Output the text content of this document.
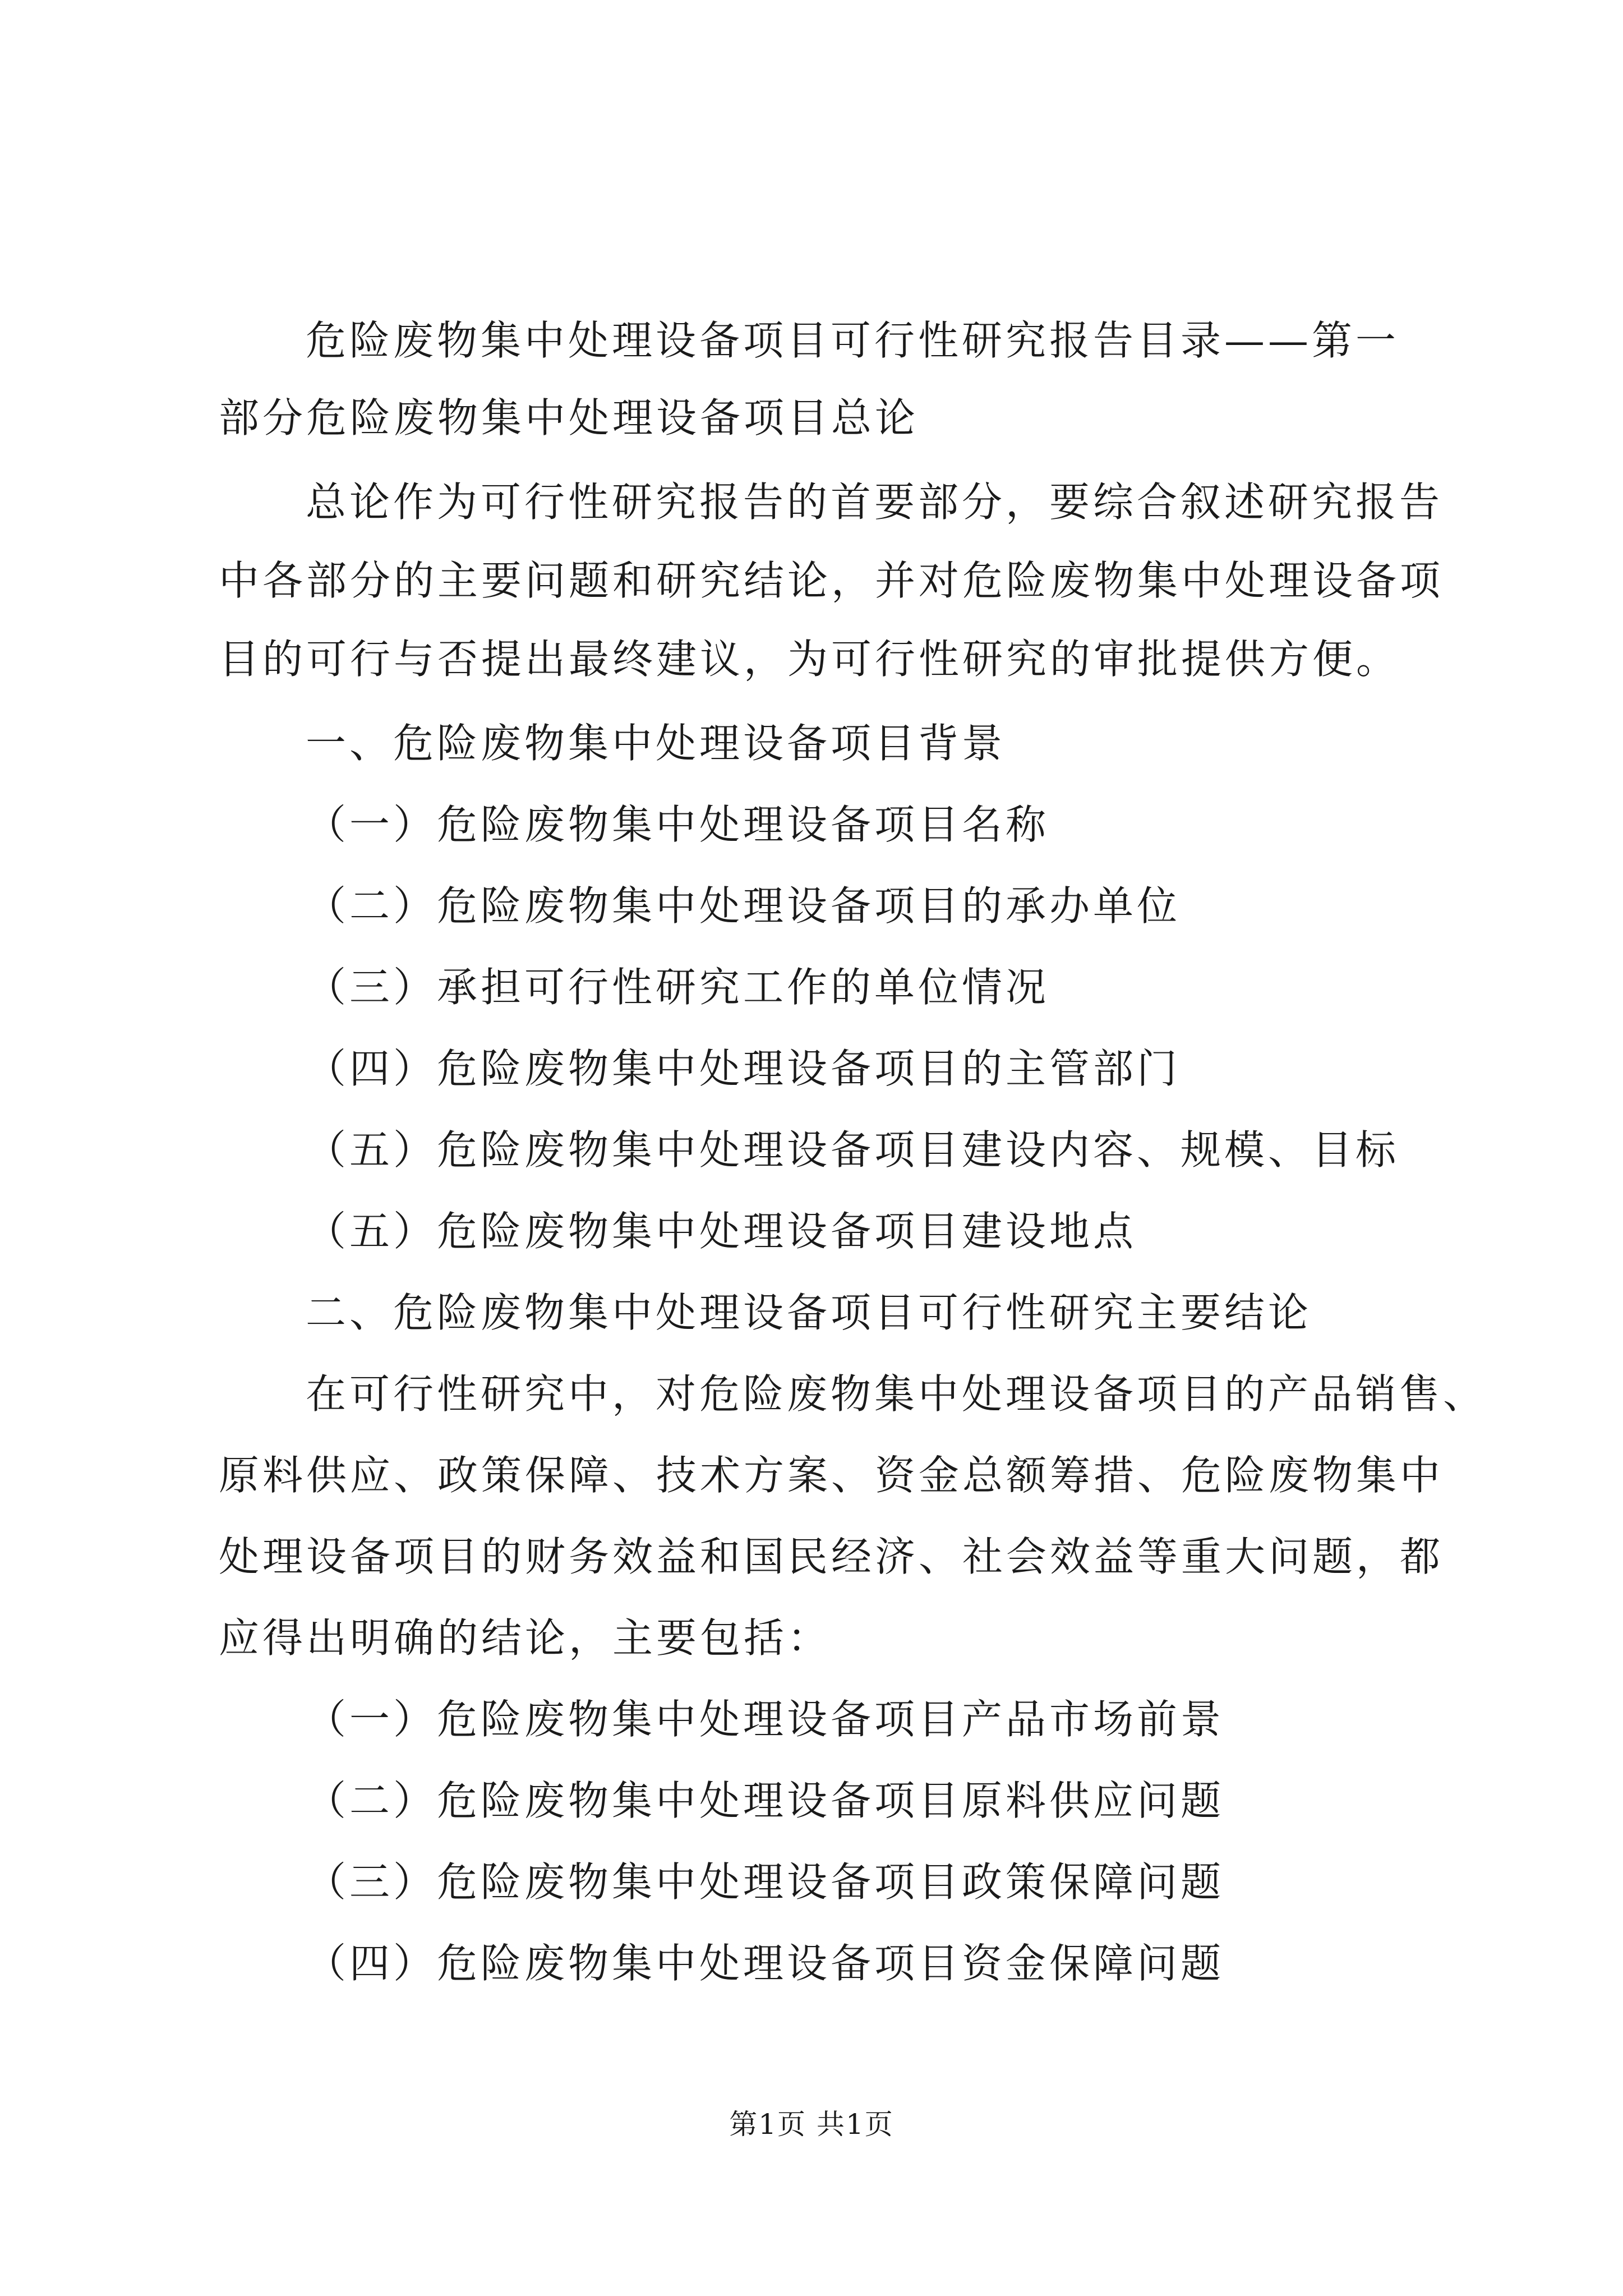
危险废物集中处理设备项目可行性研究报告目录——第一
部分危险废物集中处理设备项目总论
总论作为可行性研究报告的首要部分，要综合叙述研究报告
中各部分的主要问题和研究结论，并对危险废物集中处理设备项
目的可行与否提出最终建议，为可行性研究的审批提供方便。
一、危险废物集中处理设备项目背景
（一）危险废物集中处理设备项目名称
（二）危险废物集中处理设备项目的承办单位
（三）承担可行性研究工作的单位情况
（四）危险废物集中处理设备项目的主管部门
（五）危险废物集中处理设备项目建设内容、规模、目标
（五）危险废物集中处理设备项目建设地点
二、危险废物集中处理设备项目可行性研究主要结论
在可行性研究中，对危险废物集中处理设备项目的产品销售、
原料供应、政策保障、技术方案、资金总额筹措、危险废物集中
处理设备项目的财务效益和国民经济、社会效益等重大问题，都
应得出明确的结论，主要包括：
（一）危险废物集中处理设备项目产品市场前景
（二）危险废物集中处理设备项目原料供应问题
（三）危险废物集中处理设备项目政策保障问题
（四）危险废物集中处理设备项目资金保障问题
第1页 共1页
